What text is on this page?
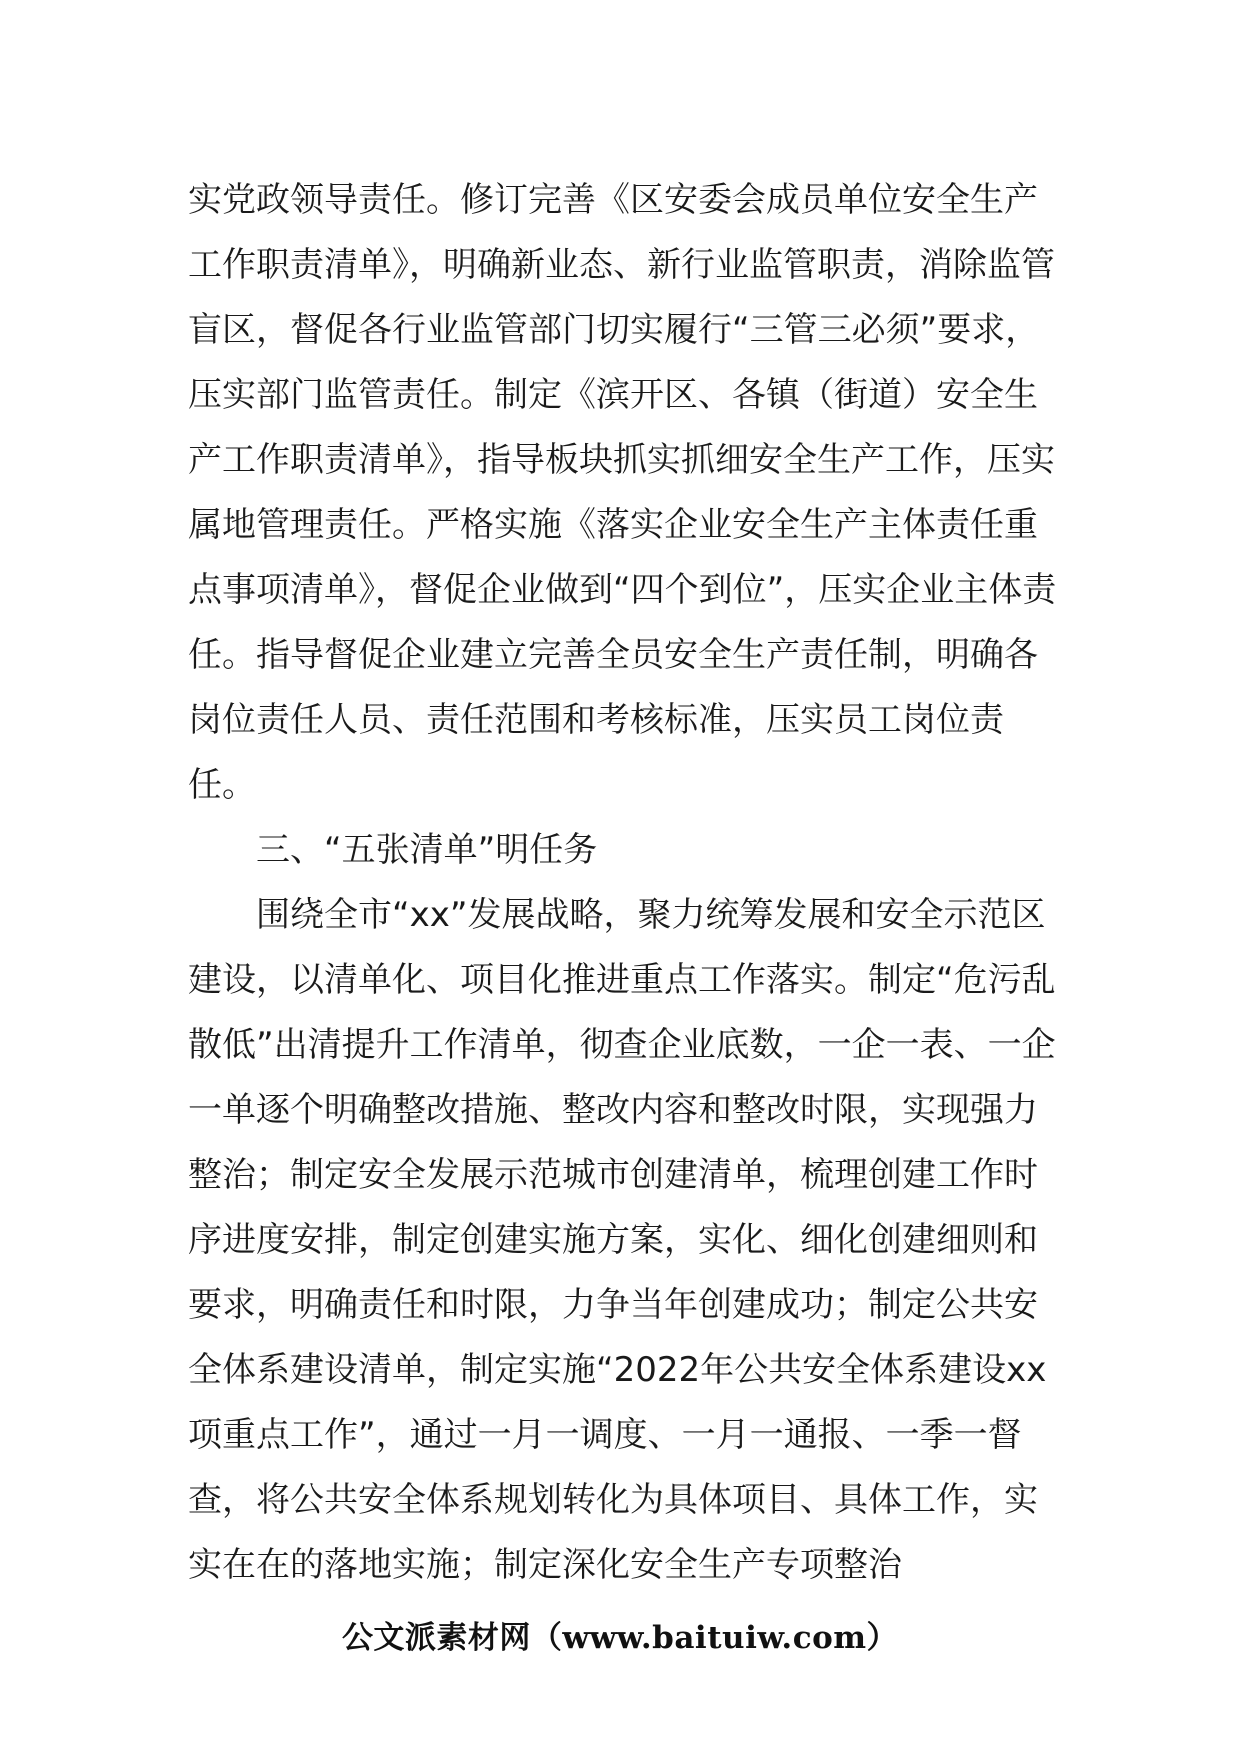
实党政领导责任。修订完善《区安委会成员单位安全生产工作职责清单》，明确新业态、新行业监管职责，消除监管盲区，督促各行业监管部门切实履行“三管三必须”要求，压实部门监管责任。制定《滨开区、各镇（街道）安全生产工作职责清单》，指导板块抓实抓细安全生产工作，压实属地管理责任。严格实施《落实企业安全生产主体责任重点事项清单》，督促企业做到“四个到位”，压实企业主体责任。指导督促企业建立完善全员安全生产责任制，明确各岗位责任人员、责任范围和考核标准，压实员工岗位责任。

三、“五张清单”明任务

围绕全市“xx”发展战略，聚力统筹发展和安全示范区建设，以清单化、项目化推进重点工作落实。制定“危污乱散低”出清提升工作清单，彻查企业底数，一企一表、一企一单逐个明确整改措施、整改内容和整改时限，实现强力整治；制定安全发展示范城市创建清单，梳理创建工作时序进度安排，制定创建实施方案，实化、细化创建细则和要求，明确责任和时限，力争当年创建成功；制定公共安全体系建设清单，制定实施“2022年公共安全体系建设xx项重点工作”，通过一月一调度、一月一通报、一季一督查，将公共安全体系规划转化为具体项目、具体工作，实实在在的落地实施；制定深化安全生产专项整治

公文派素材网（www.baituiw.com）
